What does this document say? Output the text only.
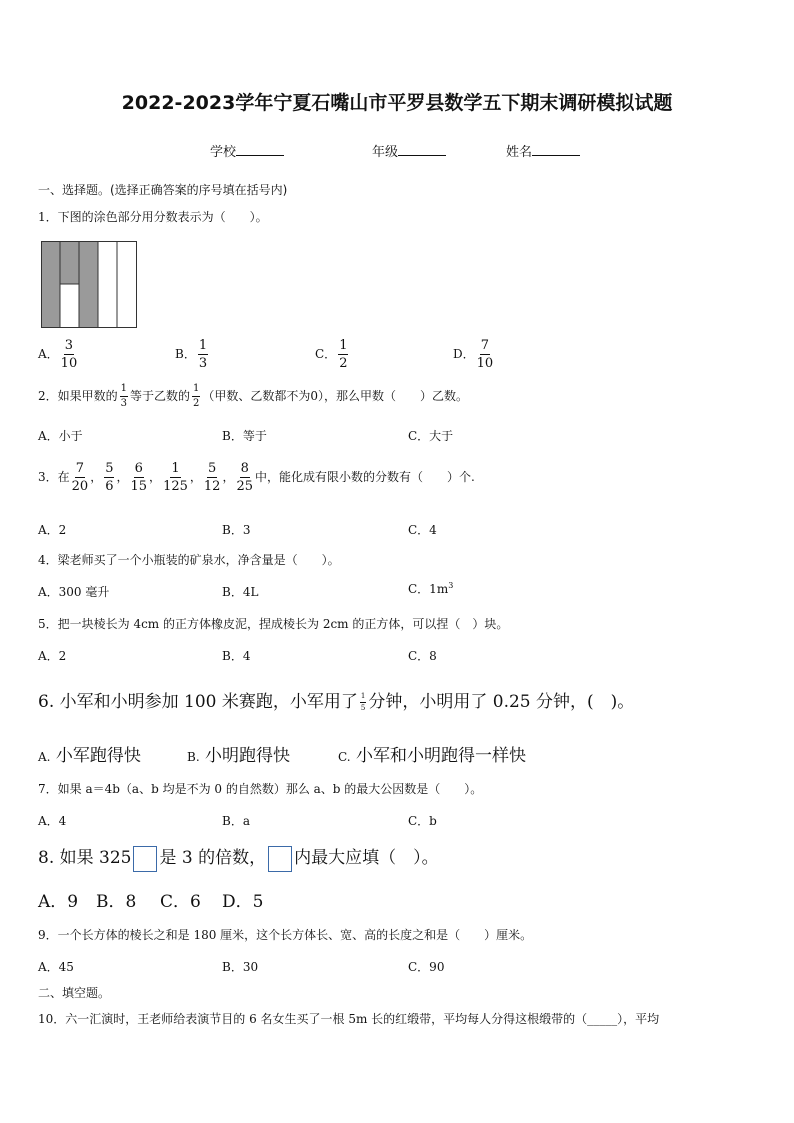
2022-2023学年宁夏石嘴山市平罗县数学五下期末调研模拟试题
学校	年级	姓名
一、选择题。(选择正确答案的序号填在括号内)
1．下图的涂色部分用分数表示为（　　）。
A． $\frac{3}{10}$	B． $\frac{1}{3}$	C． $\frac{1}{2}$	D． $\frac{7}{10}$
2．如果甲数的 $\frac{1}{3}$ 等于乙数的 $\frac{1}{2}$ （甲数、乙数都不为0），那么甲数（　　）乙数。
A．小于	B．等于	C．大于
3．在 $\frac{7}{20}$ ， $\frac{5}{6}$ ， $\frac{6}{15}$ ， $\frac{1}{125}$ ， $\frac{5}{12}$ ， $\frac{8}{25}$ 中，能化成有限小数的分数有（　　）个.
A．2	B．3	C．4
4．梁老师买了一个小瓶装的矿泉水，净含量是（　　）。
A．300 毫升	B．4L	C．$1m^3$
5．把一块棱长为 4cm 的正方体橡皮泥，捏成棱长为 2cm 的正方体，可以捏（　）块。
A．2	B．4	C．8
6. 小军和小明参加 100 米赛跑，小军用了 $\frac{1}{5}$ 分钟，小明用了 0.25 分钟，(　)。
A. 小军跑得快	B. 小明跑得快	C. 小军和小明跑得一样快
7．如果 a＝4b（a、b 均是不为 0 的自然数）那么 a、b 的最大公因数是（　　）。
A．4	B．a	C．b
8. 如果 325 是 3 的倍数， 内最大应填（　）。
A．9 B．8 C．6 D．5
9．一个长方体的棱长之和是 180 厘米，这个长方体长、宽、高的长度之和是（　　）厘米。
A．45	B．30	C．90
二、填空题。
10．六一汇演时，王老师给表演节目的 6 名女生买了一根 5m 长的红缎带，平均每人分得这根缎带的（_____），平均
